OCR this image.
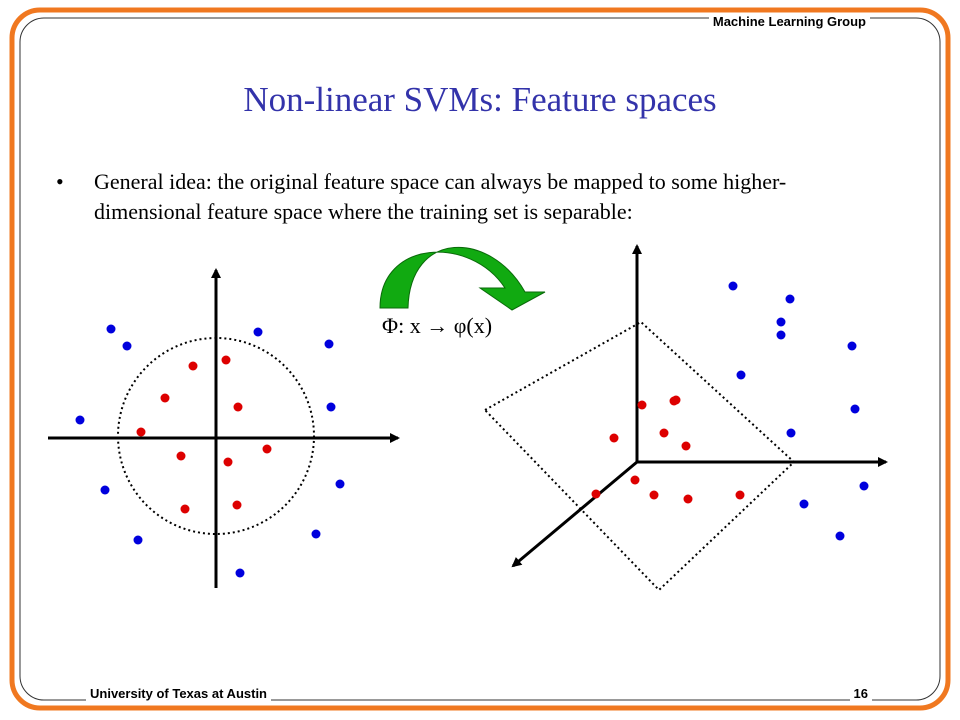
Machine Learning Group
University of Texas at Austin	16
Non-linear SVMs: Feature spaces
• General idea: the original feature space can always be mapped to some higher-dimensional feature space where the training set is separable:
Φ: x → φ(x)
